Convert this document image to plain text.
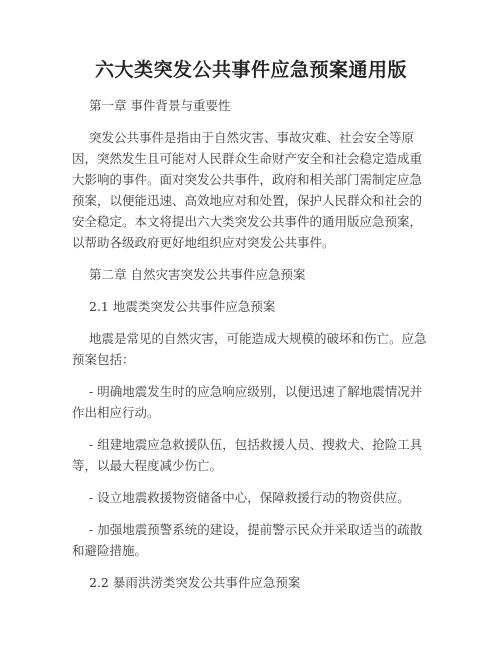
六大类突发公共事件应急预案通用版

第一章 事件背景与重要性

突发公共事件是指由于自然灾害、事故灾难、社会安全等原因，突然发生且可能对人民群众生命财产安全和社会稳定造成重大影响的事件。面对突发公共事件，政府和相关部门需制定应急预案，以便能迅速、高效地应对和处置，保护人民群众和社会的安全稳定。本文将提出六大类突发公共事件的通用版应急预案，以帮助各级政府更好地组织应对突发公共事件。

第二章 自然灾害突发公共事件应急预案

2.1 地震类突发公共事件应急预案

地震是常见的自然灾害，可能造成大规模的破坏和伤亡。应急预案包括：

- 明确地震发生时的应急响应级别，以便迅速了解地震情况并作出相应行动。

- 组建地震应急救援队伍，包括救援人员、搜救犬、抢险工具等，以最大程度减少伤亡。

- 设立地震救援物资储备中心，保障救援行动的物资供应。

- 加强地震预警系统的建设，提前警示民众并采取适当的疏散和避险措施。

2.2 暴雨洪涝类突发公共事件应急预案
